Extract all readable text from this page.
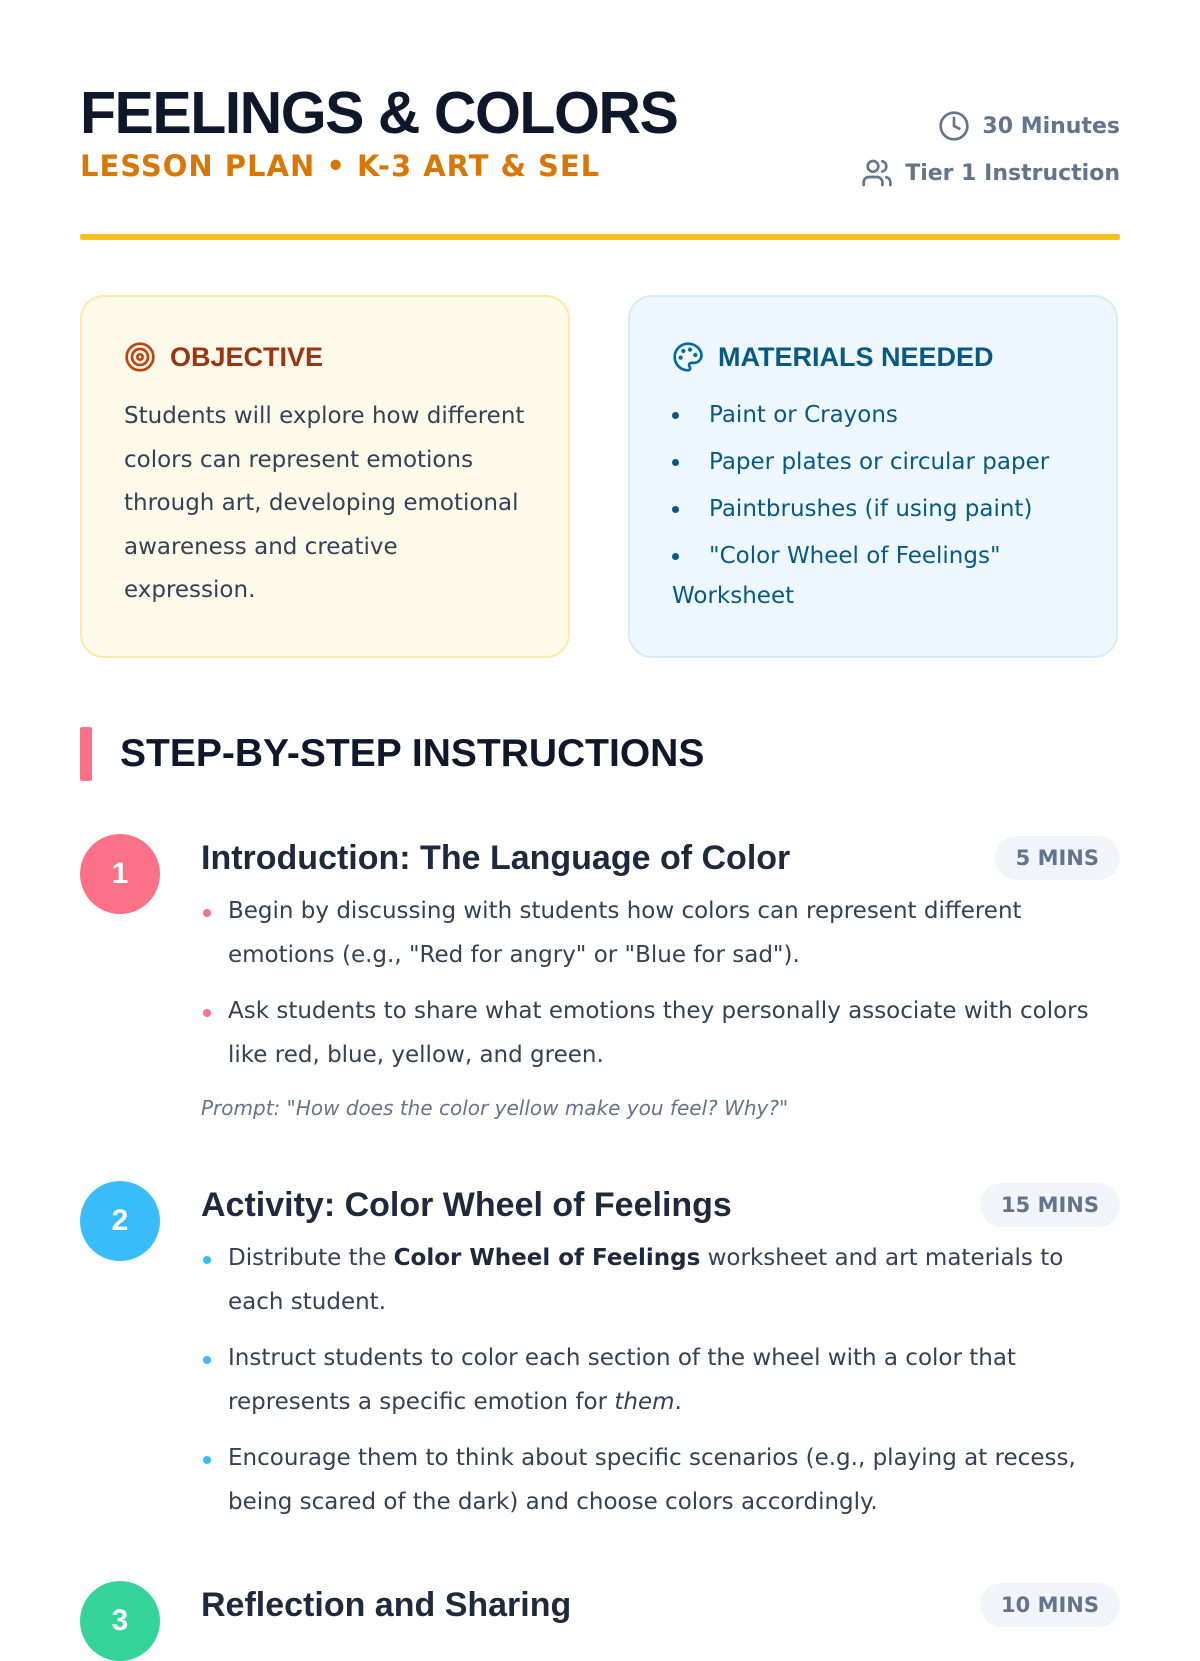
FEELINGS & COLORS
LESSON PLAN • K-3 ART & SEL
30 Minutes
Tier 1 Instruction
OBJECTIVE

Students will explore how different colors can represent emotions through art, developing emotional awareness and creative expression.

MATERIALS NEEDED
Paint or Crayons
Paper plates or circular paper
Paintbrushes (if using paint)
"Color Wheel of Feelings" Worksheet
STEP-BY-STEP INSTRUCTIONS
1	Introduction: The Language of Color	5 MINS
Begin by discussing with students how colors can represent different emotions (e.g., "Red for angry" or "Blue for sad").
Ask students to share what emotions they personally associate with colors like red, blue, yellow, and green.

Prompt: "How does the color yellow make you feel? Why?"

2	Activity: Color Wheel of Feelings	15 MINS
Distribute the Color Wheel of Feelings worksheet and art materials to each student.
Instruct students to color each section of the wheel with a color that represents a specific emotion for them.
Encourage them to think about specific scenarios (e.g., playing at recess, being scared of the dark) and choose colors accordingly.
3	Reflection and Sharing	10 MINS
